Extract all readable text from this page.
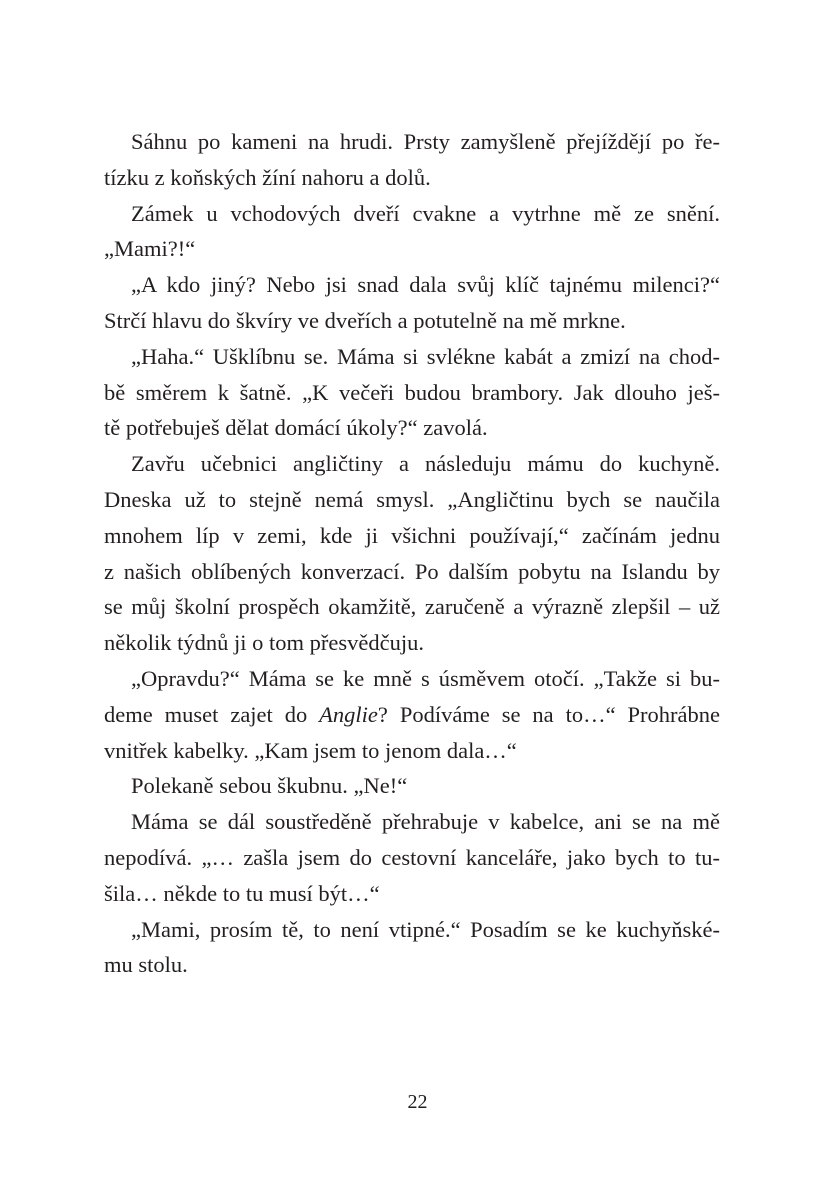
Sáhnu po kameni na hrudi. Prsty zamyšleně přejíždějí po ře-
tízku z koňských žíní nahoru a dolů.
Zámek u vchodových dveří cvakne a vytrhne mě ze snění.
„Mami?!“
„A kdo jiný? Nebo jsi snad dala svůj klíč tajnému milenci?“
Strčí hlavu do škvíry ve dveřích a potutelně na mě mrkne.
„Haha.“ Ušklíbnu se. Máma si svlékne kabát a zmizí na chod-
bě směrem k šatně. „K večeři budou brambory. Jak dlouho ješ-
tě potřebuješ dělat domácí úkoly?“ zavolá.
Zavřu učebnici angličtiny a následuju mámu do kuchyně.
Dneska už to stejně nemá smysl. „Angličtinu bych se naučila
mnohem líp v zemi, kde ji všichni používají,“ začínám jednu
z našich oblíbených konverzací. Po dalším pobytu na Islandu by
se můj školní prospěch okamžitě, zaručeně a výrazně zlepšil – už
několik týdnů ji o tom přesvědčuju.
„Opravdu?“ Máma se ke mně s úsměvem otočí. „Takže si bu-
deme muset zajet do Anglie? Podíváme se na to…“ Prohrábne
vnitřek kabelky. „Kam jsem to jenom dala…“
Polekaně sebou škubnu. „Ne!“
Máma se dál soustředěně přehrabuje v kabelce, ani se na mě
nepodívá. „… zašla jsem do cestovní kanceláře, jako bych to tu-
šila… někde to tu musí být…“
„Mami, prosím tě, to není vtipné.“ Posadím se ke kuchyňské-
mu stolu.
22
